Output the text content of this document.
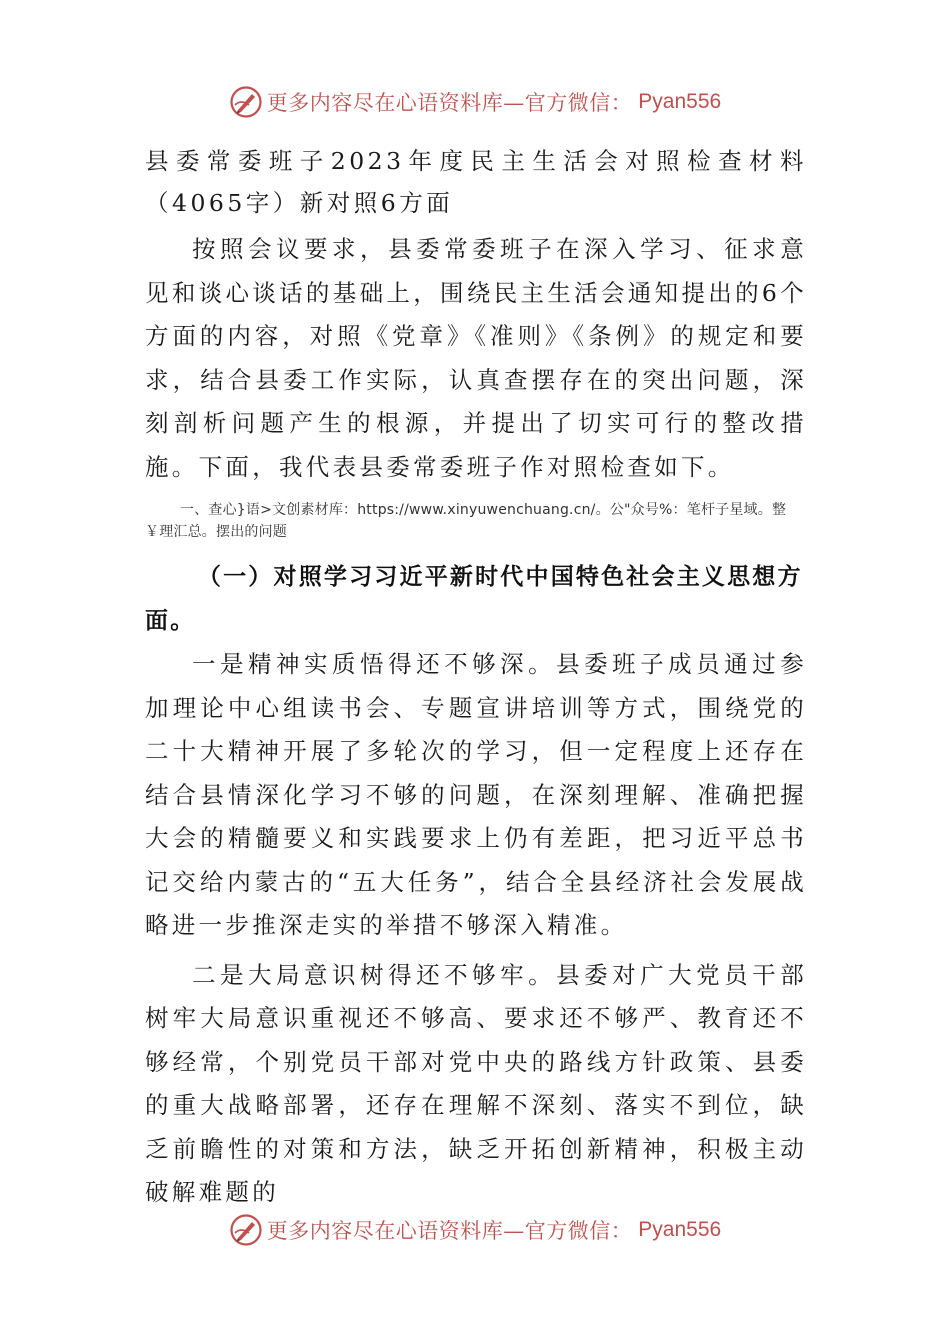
更多内容尽在心语资料库—官方微信： Pyan556

县委常委班子2023年度民主生活会对照检查材料（4065字）新对照6方面

按照会议要求，县委常委班子在深入学习、征求意见和谈心谈话的基础上，围绕民主生活会通知提出的6个方面的内容，对照《党章》《准则》《条例》的规定和要求，结合县委工作实际，认真查摆存在的突出问题，深刻剖析问题产生的根源，并提出了切实可行的整改措施。下面，我代表县委常委班子作对照检查如下。

一、查心}语>文创素材库：https://www.xinyuwenchuang.cn/。公"众号%：笔杆子星域。整￥理汇总。摆出的问题

（一）对照学习习近平新时代中国特色社会主义思想方面。

一是精神实质悟得还不够深。县委班子成员通过参加理论中心组读书会、专题宣讲培训等方式，围绕党的二十大精神开展了多轮次的学习，但一定程度上还存在结合县情深化学习不够的问题，在深刻理解、准确把握大会的精髓要义和实践要求上仍有差距，把习近平总书记交给内蒙古的“五大任务”，结合全县经济社会发展战略进一步推深走实的举措不够深入精准。

二是大局意识树得还不够牢。县委对广大党员干部树牢大局意识重视还不够高、要求还不够严、教育还不够经常，个别党员干部对党中央的路线方针政策、县委的重大战略部署，还存在理解不深刻、落实不到位，缺乏前瞻性的对策和方法，缺乏开拓创新精神，积极主动破解难题的

更多内容尽在心语资料库—官方微信： Pyan556
